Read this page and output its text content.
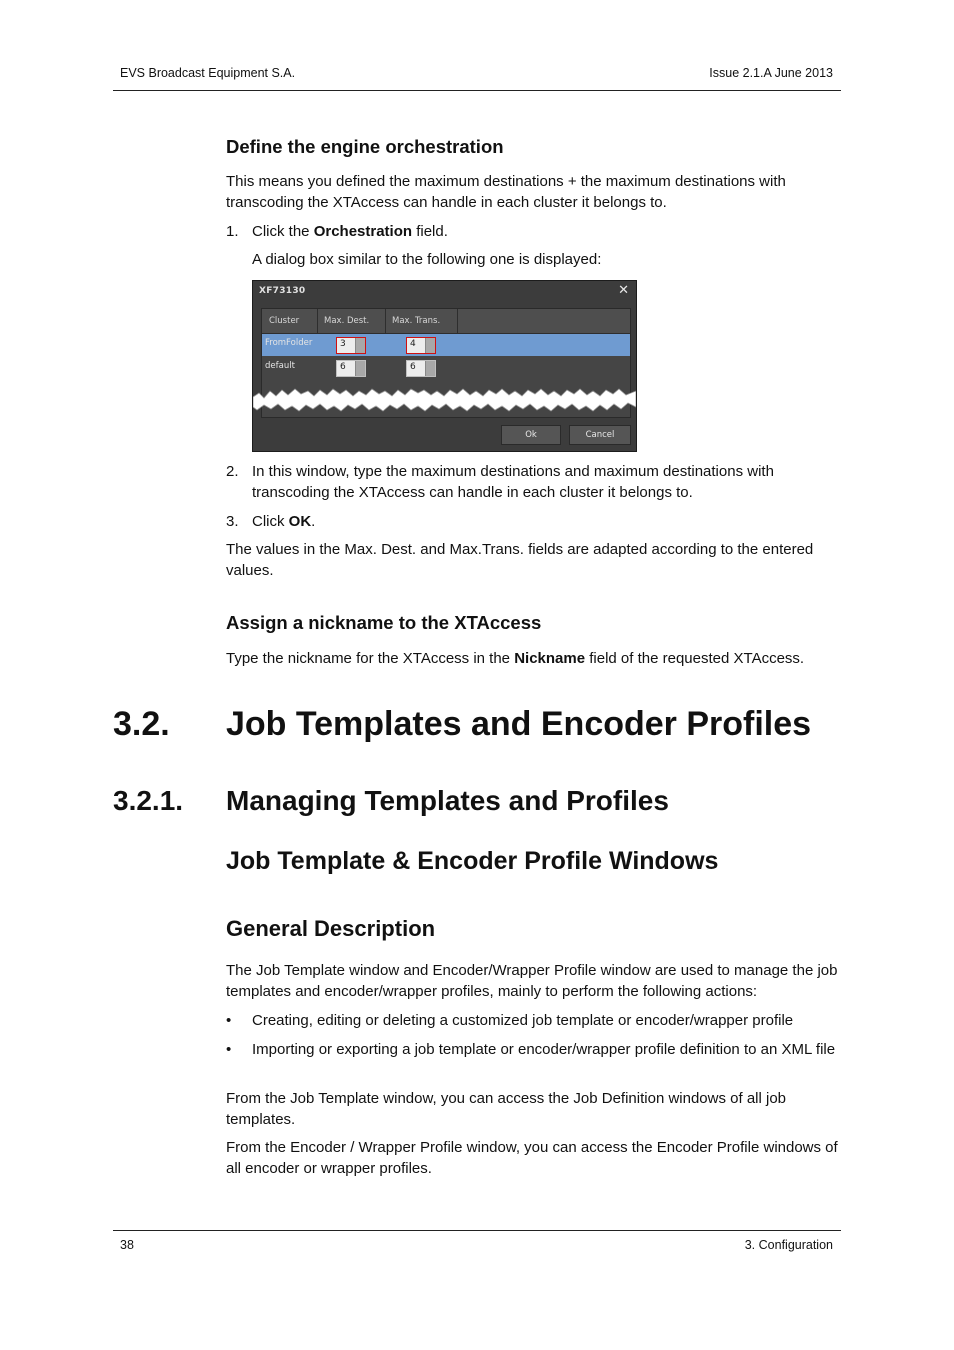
EVS Broadcast Equipment S.A.	Issue 2.1.A June 2013
Define the engine orchestration
This means you defined the maximum destinations + the maximum destinations with transcoding the XTAccess can handle in each cluster it belongs to.
1. Click the Orchestration field.
A dialog box similar to the following one is displayed:
XF73130	✕
Cluster	Max. Dest.	Max. Trans.
FromFolder	3	4
default	6	6
Ok	Cancel
2. In this window, type the maximum destinations and maximum destinations with transcoding the XTAccess can handle in each cluster it belongs to.
3. Click OK.
The values in the Max. Dest. and Max.Trans. fields are adapted according to the entered values.
Assign a nickname to the XTAccess
Type the nickname for the XTAccess in the Nickname field of the requested XTAccess.
3.2. Job Templates and Encoder Profiles
3.2.1. Managing Templates and Profiles
Job Template & Encoder Profile Windows
General Description
The Job Template window and Encoder/Wrapper Profile window are used to manage the job templates and encoder/wrapper profiles, mainly to perform the following actions:
• Creating, editing or deleting a customized job template or encoder/wrapper profile
• Importing or exporting a job template or encoder/wrapper profile definition to an XML file
From the Job Template window, you can access the Job Definition windows of all job templates.
From the Encoder / Wrapper Profile window, you can access the Encoder Profile windows of all encoder or wrapper profiles.
38	3. Configuration
